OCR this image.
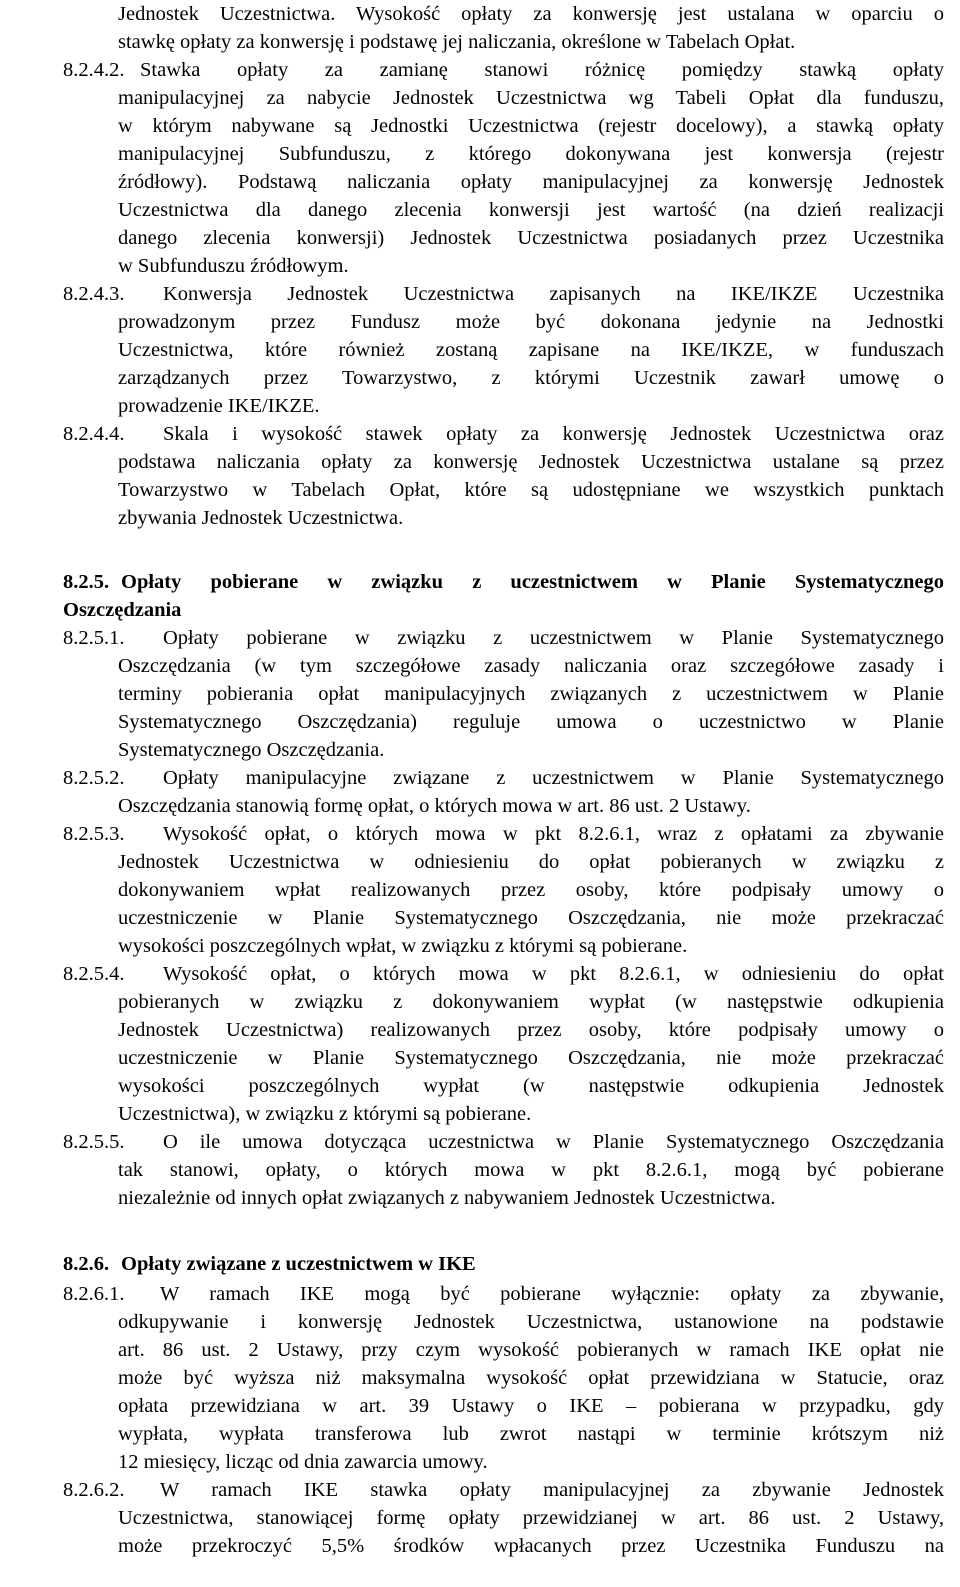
Jednostek Uczestnictwa. Wysokość opłaty za konwersję jest ustalana w oparciu o
stawkę opłaty za konwersję i podstawę jej naliczania, określone w Tabelach Opłat.
8.2.4.2. Stawka opłaty za zamianę stanowi różnicę pomiędzy stawką opłaty
manipulacyjnej za nabycie Jednostek Uczestnictwa wg Tabeli Opłat dla funduszu,
w którym nabywane są Jednostki Uczestnictwa (rejestr docelowy), a stawką opłaty
manipulacyjnej Subfunduszu, z którego dokonywana jest konwersja (rejestr
źródłowy). Podstawą naliczania opłaty manipulacyjnej za konwersję Jednostek
Uczestnictwa dla danego zlecenia konwersji jest wartość (na dzień realizacji
danego zlecenia konwersji) Jednostek Uczestnictwa posiadanych przez Uczestnika
w Subfunduszu źródłowym.
8.2.4.3. Konwersja Jednostek Uczestnictwa zapisanych na IKE/IKZE Uczestnika
prowadzonym przez Fundusz może być dokonana jedynie na Jednostki
Uczestnictwa, które również zostaną zapisane na IKE/IKZE, w funduszach
zarządzanych przez Towarzystwo, z którymi Uczestnik zawarł umowę o
prowadzenie IKE/IKZE.
8.2.4.4. Skala i wysokość stawek opłaty za konwersję Jednostek Uczestnictwa oraz
podstawa naliczania opłaty za konwersję Jednostek Uczestnictwa ustalane są przez
Towarzystwo w Tabelach Opłat, które są udostępniane we wszystkich punktach
zbywania Jednostek Uczestnictwa.
8.2.5. Opłaty pobierane w związku z uczestnictwem w Planie Systematycznego
Oszczędzania
8.2.5.1. Opłaty pobierane w związku z uczestnictwem w Planie Systematycznego
Oszczędzania (w tym szczegółowe zasady naliczania oraz szczegółowe zasady i
terminy pobierania opłat manipulacyjnych związanych z uczestnictwem w Planie
Systematycznego Oszczędzania) reguluje umowa o uczestnictwo w Planie
Systematycznego Oszczędzania.
8.2.5.2. Opłaty manipulacyjne związane z uczestnictwem w Planie Systematycznego
Oszczędzania stanowią formę opłat, o których mowa w art. 86 ust. 2 Ustawy.
8.2.5.3. Wysokość opłat, o których mowa w pkt 8.2.6.1, wraz z opłatami za zbywanie
Jednostek Uczestnictwa w odniesieniu do opłat pobieranych w związku z
dokonywaniem wpłat realizowanych przez osoby, które podpisały umowy o
uczestniczenie w Planie Systematycznego Oszczędzania, nie może przekraczać
wysokości poszczególnych wpłat, w związku z którymi są pobierane.
8.2.5.4. Wysokość opłat, o których mowa w pkt 8.2.6.1, w odniesieniu do opłat
pobieranych w związku z dokonywaniem wypłat (w następstwie odkupienia
Jednostek Uczestnictwa) realizowanych przez osoby, które podpisały umowy o
uczestniczenie w Planie Systematycznego Oszczędzania, nie może przekraczać
wysokości poszczególnych wypłat (w następstwie odkupienia Jednostek
Uczestnictwa), w związku z którymi są pobierane.
8.2.5.5. O ile umowa dotycząca uczestnictwa w Planie Systematycznego Oszczędzania
tak stanowi, opłaty, o których mowa w pkt 8.2.6.1, mogą być pobierane
niezależnie od innych opłat związanych z nabywaniem Jednostek Uczestnictwa.
8.2.6. Opłaty związane z uczestnictwem w IKE
8.2.6.1. W ramach IKE mogą być pobierane wyłącznie: opłaty za zbywanie,
odkupywanie i konwersję Jednostek Uczestnictwa, ustanowione na podstawie
art. 86 ust. 2 Ustawy, przy czym wysokość pobieranych w ramach IKE opłat nie
może być wyższa niż maksymalna wysokość opłat przewidziana w Statucie, oraz
opłata przewidziana w art. 39 Ustawy o IKE – pobierana w przypadku, gdy
wypłata, wypłata transferowa lub zwrot nastąpi w terminie krótszym niż
12 miesięcy, licząc od dnia zawarcia umowy.
8.2.6.2. W ramach IKE stawka opłaty manipulacyjnej za zbywanie Jednostek
Uczestnictwa, stanowiącej formę opłaty przewidzianej w art. 86 ust. 2 Ustawy,
może przekroczyć 5,5% środków wpłacanych przez Uczestnika Funduszu na
